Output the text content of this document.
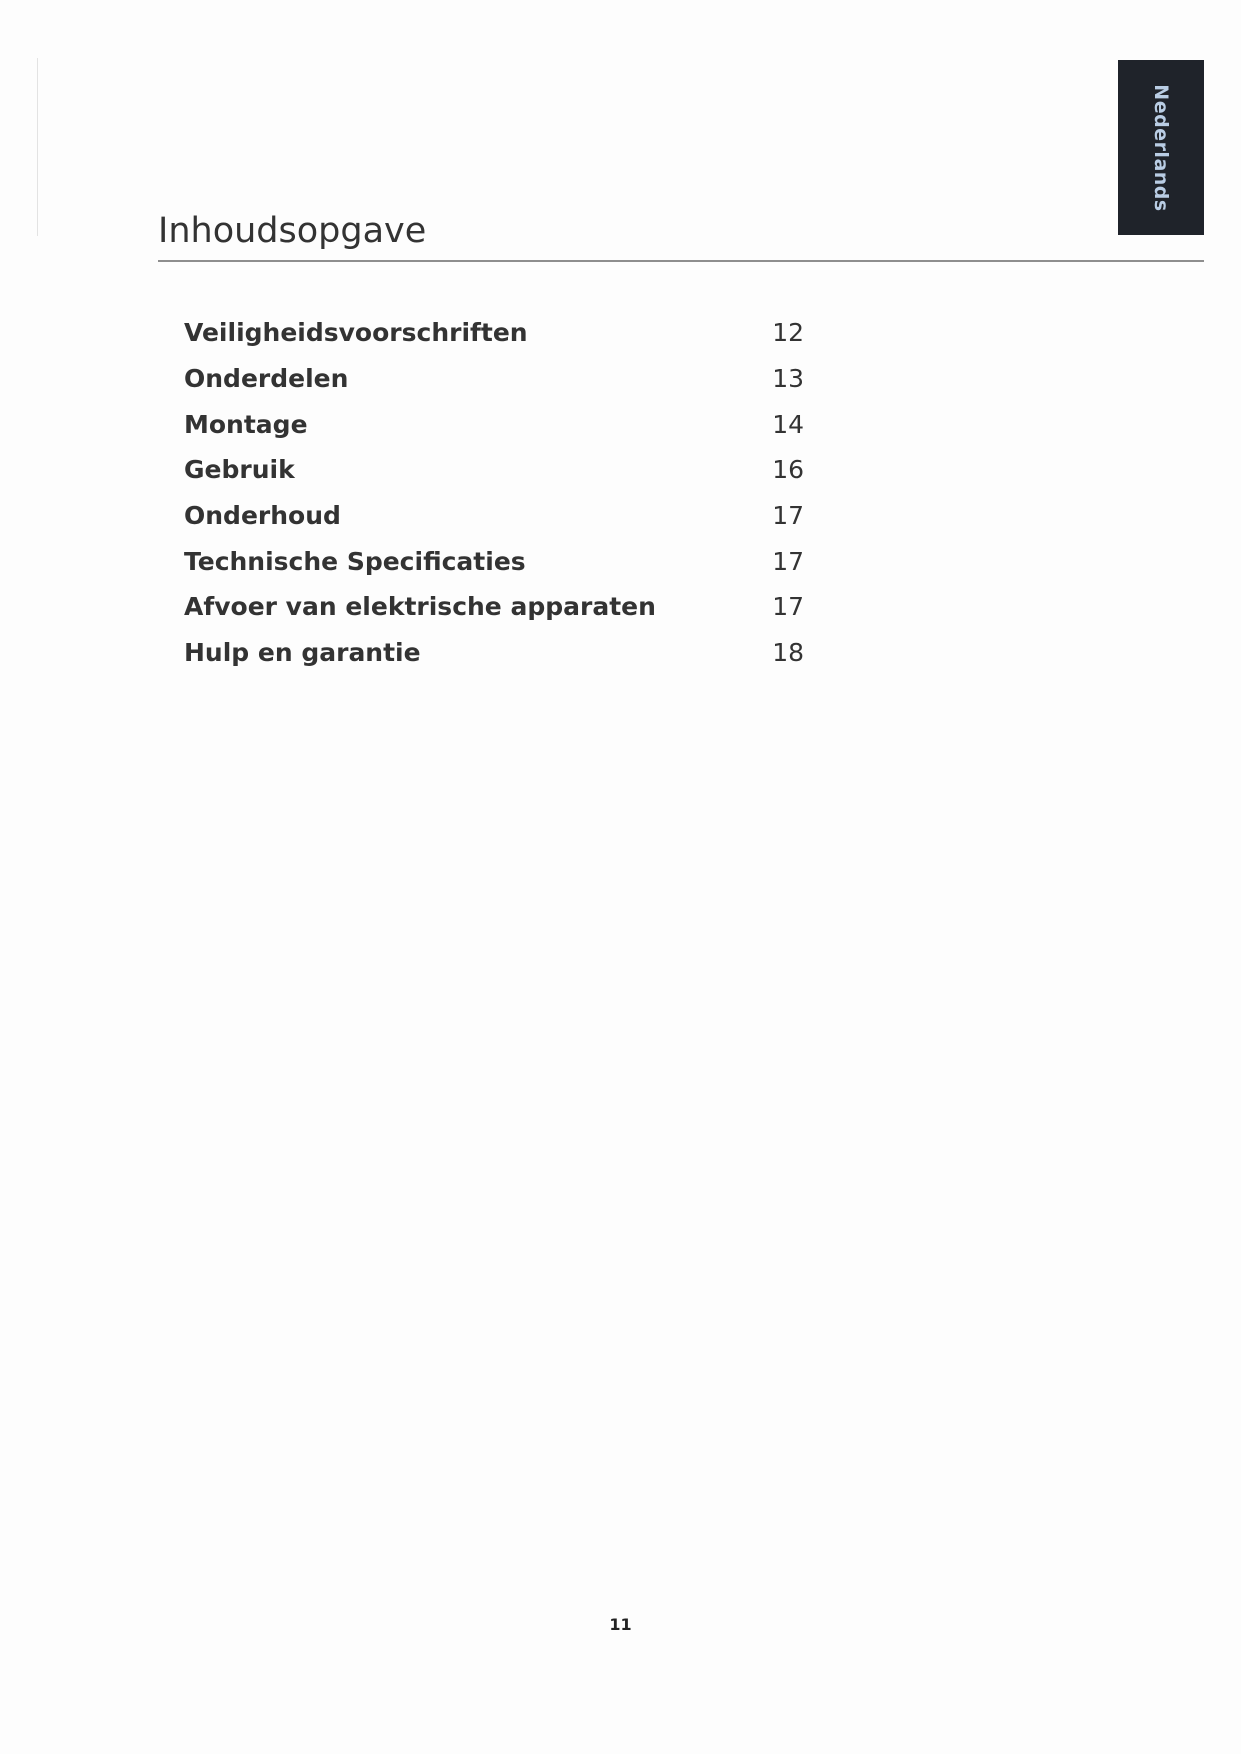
Nederlands
Inhoudsopgave
Veiligheidsvoorschriften	12
Onderdelen	13
Montage	14
Gebruik	16
Onderhoud	17
Technische Specificaties	17
Afvoer van elektrische apparaten	17
Hulp en garantie	18
11
